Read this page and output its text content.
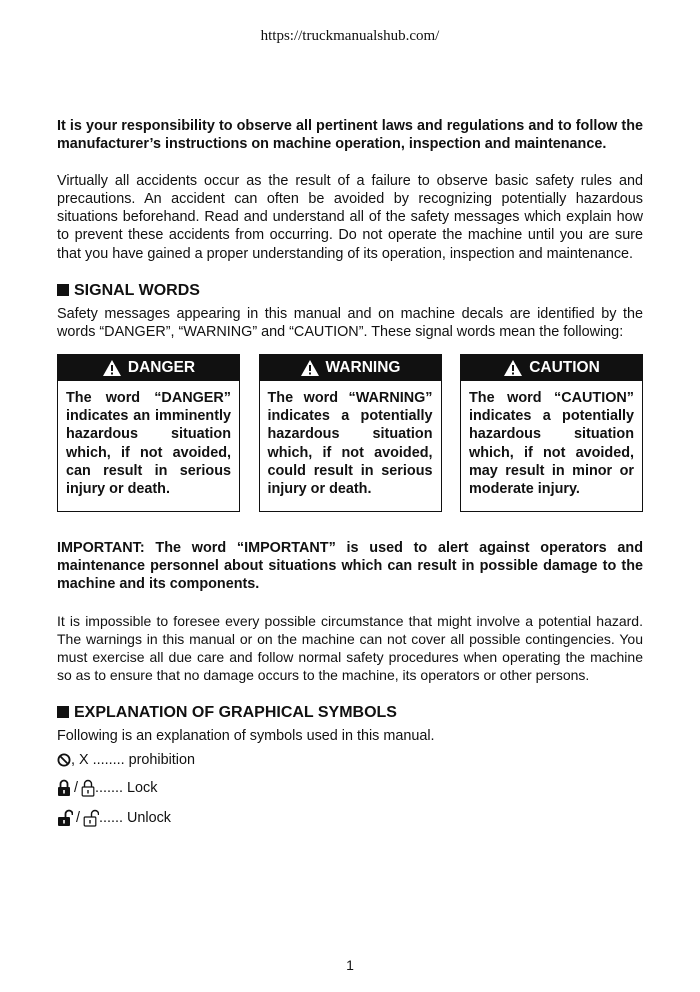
https://truckmanualshub.com/

It is your responsibility to observe all pertinent laws and regulations and to follow the manufacturer’s instructions on machine operation, inspection and maintenance.

Virtually all accidents occur as the result of a failure to observe basic safety rules and precautions. An accident can often be avoided by recognizing potentially hazardous situations beforehand. Read and understand all of the safety messages which explain how to prevent these accidents from occurring. Do not operate the machine until you are sure that you have gained a proper understanding of its operation, inspection and maintenance.

SIGNAL WORDS

Safety messages appearing in this manual and on machine decals are identified by the words “DANGER”, “WARNING” and “CAUTION”. These signal words mean the following:

DANGER

The word “DANGER” indicates an imminently hazardous situation which, if not avoided, can result in serious injury or death.

WARNING

The word “WARNING” indicates a potentially hazardous situation which, if not avoided, could result in serious injury or death.

CAUTION

The word “CAUTION” indicates a potentially hazardous situation which, if not avoided, may result in minor or moderate injury.

IMPORTANT: The word “IMPORTANT” is used to alert against operators and maintenance personnel about situations which can result in possible damage to the machine and its components.

It is impossible to foresee every possible circumstance that might involve a potential hazard. The warnings in this manual or on the machine can not cover all possible contingencies. You must exercise all due care and follow normal safety procedures when operating the machine so as to ensure that no damage occurs to the machine, its operators or other persons.

EXPLANATION OF GRAPHICAL SYMBOLS

Following is an explanation of symbols used in this manual.

, X ........ prohibition
/ ....... Lock
/ ...... Unlock
1
